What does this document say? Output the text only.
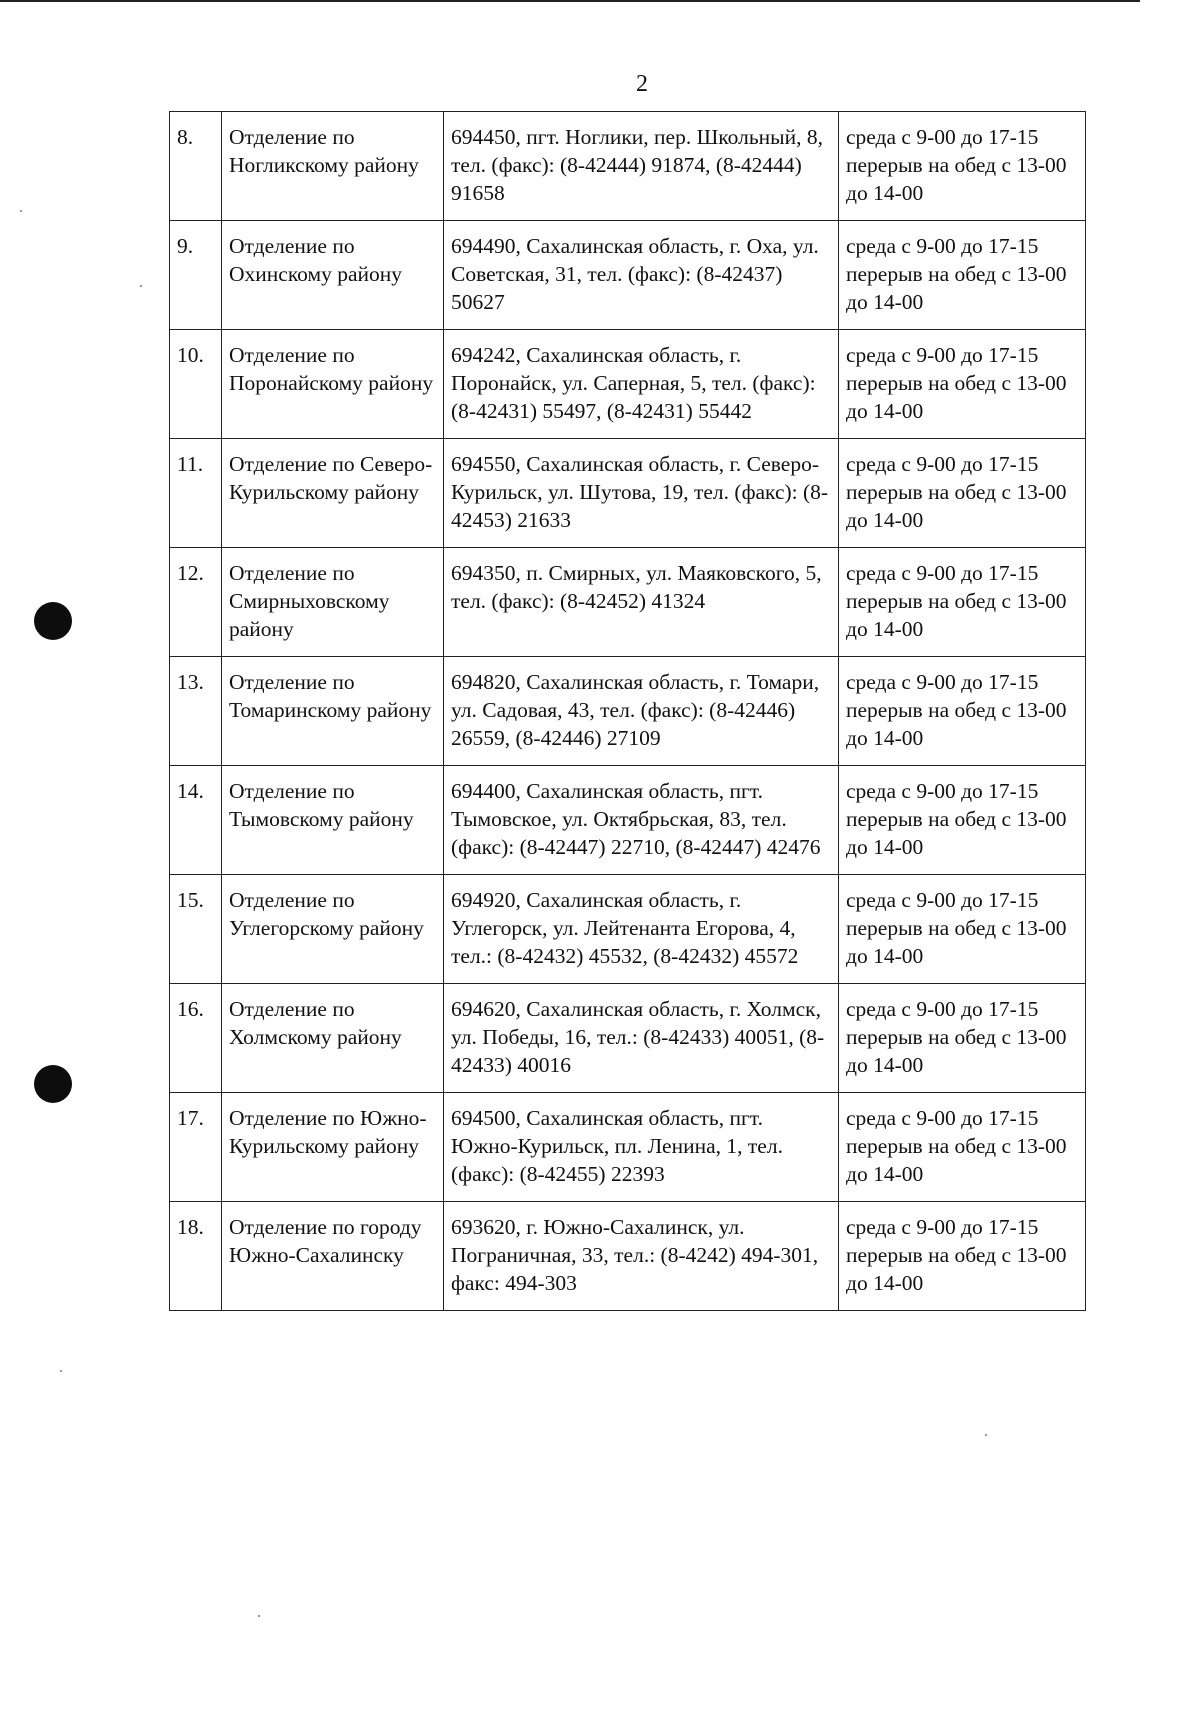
2
8.	Отделение по Ногликскому району	694450, пгт. Ноглики, пер. Школьный, 8, тел. (факс): (8-42444) 91874, (8-42444) 91658	среда с 9-00 до 17-15 перерыв на обед с 13-00 до 14-00
9.	Отделение по Охинскому району	694490, Сахалинская область, г. Оха, ул. Советская, 31, тел. (факс): (8-42437) 50627	среда с 9-00 до 17-15 перерыв на обед с 13-00 до 14-00
10.	Отделение по Поронайскому району	694242, Сахалинская область, г. Поронайск, ул. Саперная, 5, тел. (факс): (8-42431) 55497, (8-42431) 55442	среда с 9-00 до 17-15 перерыв на обед с 13-00 до 14-00
11.	Отделение по Северо-Курильскому району	694550, Сахалинская область, г. Северо-Курильск, ул. Шутова, 19, тел. (факс): (8-42453) 21633	среда с 9-00 до 17-15 перерыв на обед с 13-00 до 14-00
12.	Отделение по Смирныховскому району	694350, п. Смирных, ул. Маяковского, 5, тел. (факс): (8-42452) 41324	среда с 9-00 до 17-15 перерыв на обед с 13-00 до 14-00
13.	Отделение по Томаринскому району	694820, Сахалинская область, г. Томари, ул. Садовая, 43, тел. (факс): (8-42446) 26559, (8-42446) 27109	среда с 9-00 до 17-15 перерыв на обед с 13-00 до 14-00
14.	Отделение по Тымовскому району	694400, Сахалинская область, пгт. Тымовское, ул. Октябрьская, 83, тел. (факс): (8-42447) 22710, (8-42447) 42476	среда с 9-00 до 17-15 перерыв на обед с 13-00 до 14-00
15.	Отделение по Углегорскому району	694920, Сахалинская область, г. Углегорск, ул. Лейтенанта Егорова, 4, тел.: (8-42432) 45532, (8-42432) 45572	среда с 9-00 до 17-15 перерыв на обед с 13-00 до 14-00
16.	Отделение по Холмскому району	694620, Сахалинская область, г. Холмск, ул. Победы, 16, тел.: (8-42433) 40051, (8-42433) 40016	среда с 9-00 до 17-15 перерыв на обед с 13-00 до 14-00
17.	Отделение по Южно-Курильскому району	694500, Сахалинская область, пгт. Южно-Курильск, пл. Ленина, 1, тел. (факс): (8-42455) 22393	среда с 9-00 до 17-15 перерыв на обед с 13-00 до 14-00
18.	Отделение по городу Южно-Сахалинску	693620, г. Южно-Сахалинск, ул. Пограничная, 33, тел.: (8-4242) 494-301, факс: 494-303	среда с 9-00 до 17-15 перерыв на обед с 13-00 до 14-00
